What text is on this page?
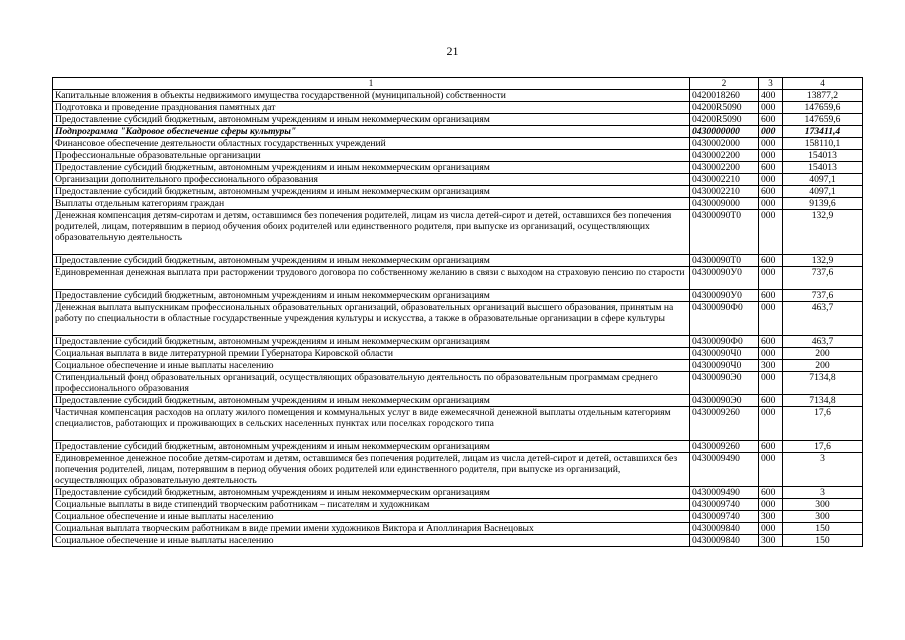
21
1	2	3	4
Капитальные вложения в объекты недвижимого имущества государственной (муниципальной) собственности	0420018260	400	13877,2
Подготовка и проведение празднования памятных дат	04200R5090	000	147659,6
Предоставление субсидий бюджетным, автономным учреждениям и иным некоммерческим организациям	04200R5090	600	147659,6
Подпрограмма "Кадровое обеспечение сферы культуры"	0430000000	000	173411,4
Финансовое обеспечение деятельности областных государственных учреждений	0430002000	000	158110,1
Профессиональные образовательные организации	0430002200	000	154013
Предоставление субсидий бюджетным, автономным учреждениям и иным некоммерческим организациям	0430002200	600	154013
Организации дополнительного профессионального образования	0430002210	000	4097,1
Предоставление субсидий бюджетным, автономным учреждениям и иным некоммерческим организациям	0430002210	600	4097,1
Выплаты отдельным категориям граждан	0430009000	000	9139,6
Денежная компенсация детям-сиротам и детям, оставшимся без попечения родителей, лицам из числа детей-сирот и детей, оставшихся без попечения родителей, лицам, потерявшим в период обучения обоих родителей или единственного родителя, при выпуске из организаций, осуществляющих образовательную деятельность	04300090Т0	000	132,9
Предоставление субсидий бюджетным, автономным учреждениям и иным некоммерческим организациям	04300090Т0	600	132,9
Единовременная денежная выплата при расторжении трудового договора по собственному желанию в связи с выходом на страховую пенсию по старости	04300090У0	000	737,6
Предоставление субсидий бюджетным, автономным учреждениям и иным некоммерческим организациям	04300090У0	600	737,6
Денежная выплата выпускникам профессиональных образовательных организаций, образовательных организаций высшего образования, принятым на работу по специальности в областные государственные учреждения культуры и искусства, а также в образовательные организации в сфере культуры	04300090Ф0	000	463,7
Предоставление субсидий бюджетным, автономным учреждениям и иным некоммерческим организациям	04300090Ф0	600	463,7
Социальная выплата в виде литературной премии Губернатора Кировской области	04300090Ч0	000	200
Социальное обеспечение и иные выплаты населению	04300090Ч0	300	200
Стипендиальный фонд образовательных организаций, осуществляющих образовательную деятельность по образовательным программам среднего профессионального образования	04300090Э0	000	7134,8
Предоставление субсидий бюджетным, автономным учреждениям и иным некоммерческим организациям	04300090Э0	600	7134,8
Частичная компенсация расходов на оплату жилого помещения и коммунальных услуг в виде ежемесячной денежной выплаты отдельным категориям специалистов, работающих и проживающих в сельских населенных пунктах или поселках городского типа	0430009260	000	17,6
Предоставление субсидий бюджетным, автономным учреждениям и иным некоммерческим организациям	0430009260	600	17,6
Единовременное денежное пособие детям-сиротам и детям, оставшимся без попечения родителей, лицам из числа детей-сирот и детей, оставшихся без попечения родителей, лицам, потерявшим в период обучения обоих родителей или единственного родителя, при выпуске из организаций, осуществляющих образовательную деятельность	0430009490	000	3
Предоставление субсидий бюджетным, автономным учреждениям и иным некоммерческим организациям	0430009490	600	3
Социальные выплаты в виде стипендий творческим работникам – писателям и художникам	0430009740	000	300
Социальное обеспечение и иные выплаты населению	0430009740	300	300
Социальная выплата творческим работникам в виде премии имени художников Виктора и Аполлинария Васнецовых	0430009840	000	150
Социальное обеспечение и иные выплаты населению	0430009840	300	150
